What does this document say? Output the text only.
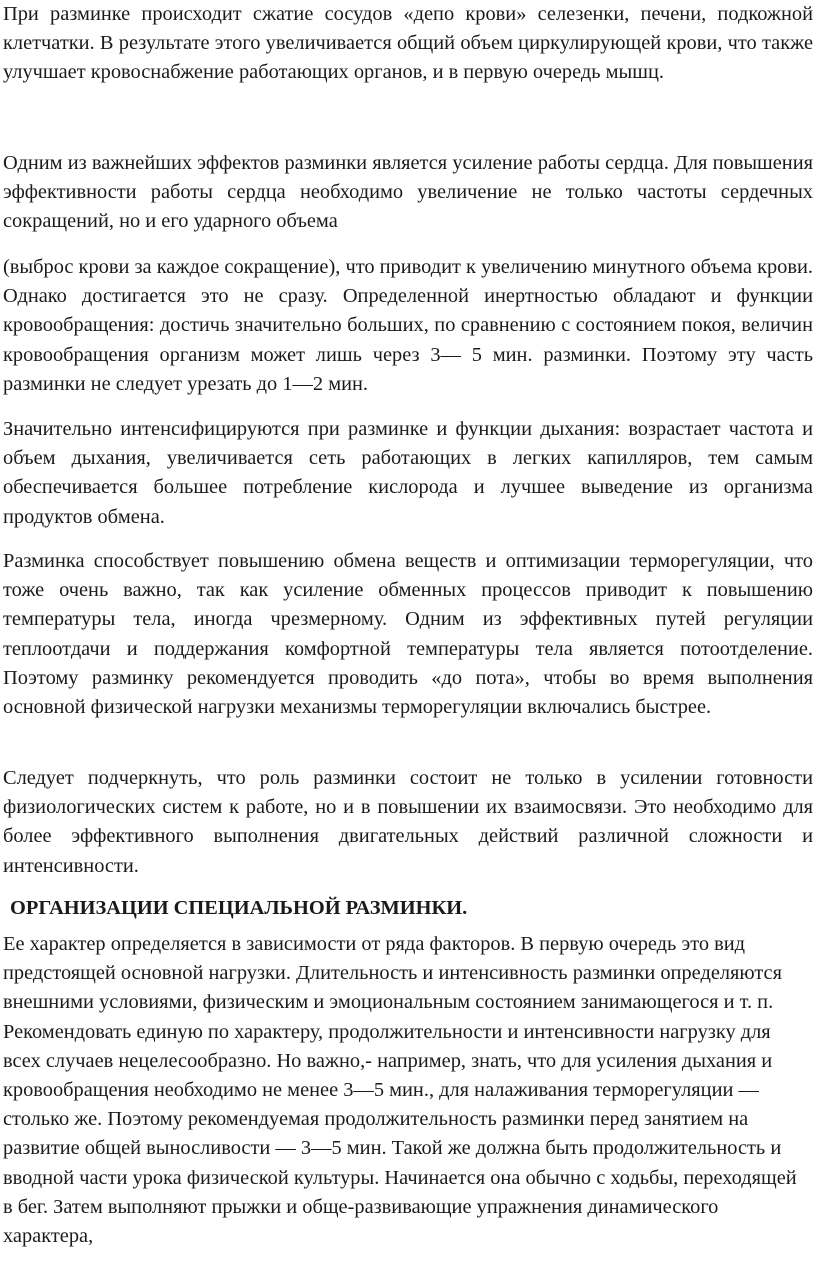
При разминке происходит сжатие сосудов «депо крови» селезенки, печени, подкожной клетчатки. В результате этого увеличивается общий объем циркулирующей крови, что также улучшает кровоснабжение работающих органов, и в первую очередь мышц.

Одним из важнейших эффектов разминки является усиление работы сердца. Для повышения эффективности работы сердца необходимо увеличение не только частоты сердечных сокращений, но и его ударного объема

(выброс крови за каждое сокращение), что приводит к увеличению минутного объема крови. Однако достигается это не сразу. Определенной инертностью обладают и функции кровообращения: достичь значительно больших, по сравнению с состоянием покоя, величин кровообращения организм может лишь через 3— 5 мин. разминки. Поэтому эту часть разминки не следует урезать до 1—2 мин.

Значительно интенсифицируются при разминке и функции дыхания: возрастает частота и объем дыхания, увеличивается сеть работающих в легких капилляров, тем самым обеспечивается большее потребление кислорода и лучшее выведение из организма продуктов обмена.

Разминка способствует повышению обмена веществ и оптимизации терморегуляции, что тоже очень важно, так как усиление обменных процессов приводит к повышению температуры тела, иногда чрезмерному. Одним из эффективных путей регуляции теплоотдачи и поддержания комфортной температуры тела является потоотделение. Поэтому разминку рекомендуется проводить «до пота», чтобы во время выполнения основной физической нагрузки механизмы терморегуляции включались быстрее.

Следует подчеркнуть, что роль разминки состоит не только в усилении готовности физиологических систем к работе, но и в повышении их взаимосвязи. Это необходимо для более эффективного выполнения двигательных действий различной сложности и интенсивности.

ОРГАНИЗАЦИИ СПЕЦИАЛЬНОЙ РАЗМИНКИ.

Ее характер определяется в зависимости от ряда факторов. В первую очередь это вид предстоящей основной нагрузки. Длительность и интенсивность разминки определяются внешними условиями, физическим и эмоциональным состоянием занимающегося и т. п. Рекомендовать единую по характеру, продолжительности и интенсивности нагрузку для всех случаев нецелесообразно. Но важно,- например, знать, что для усиления дыхания и кровообращения необходимо не менее 3—5 мин., для налаживания терморегуляции — столько же. Поэтому рекомендуемая продолжительность разминки перед занятием на развитие общей выносливости — 3—5 мин. Такой же должна быть продолжительность и вводной части урока физической культуры. Начинается она обычно с ходьбы, переходящей в бег. Затем выполняют прыжки и обще-развивающие упражнения динамического характера,
